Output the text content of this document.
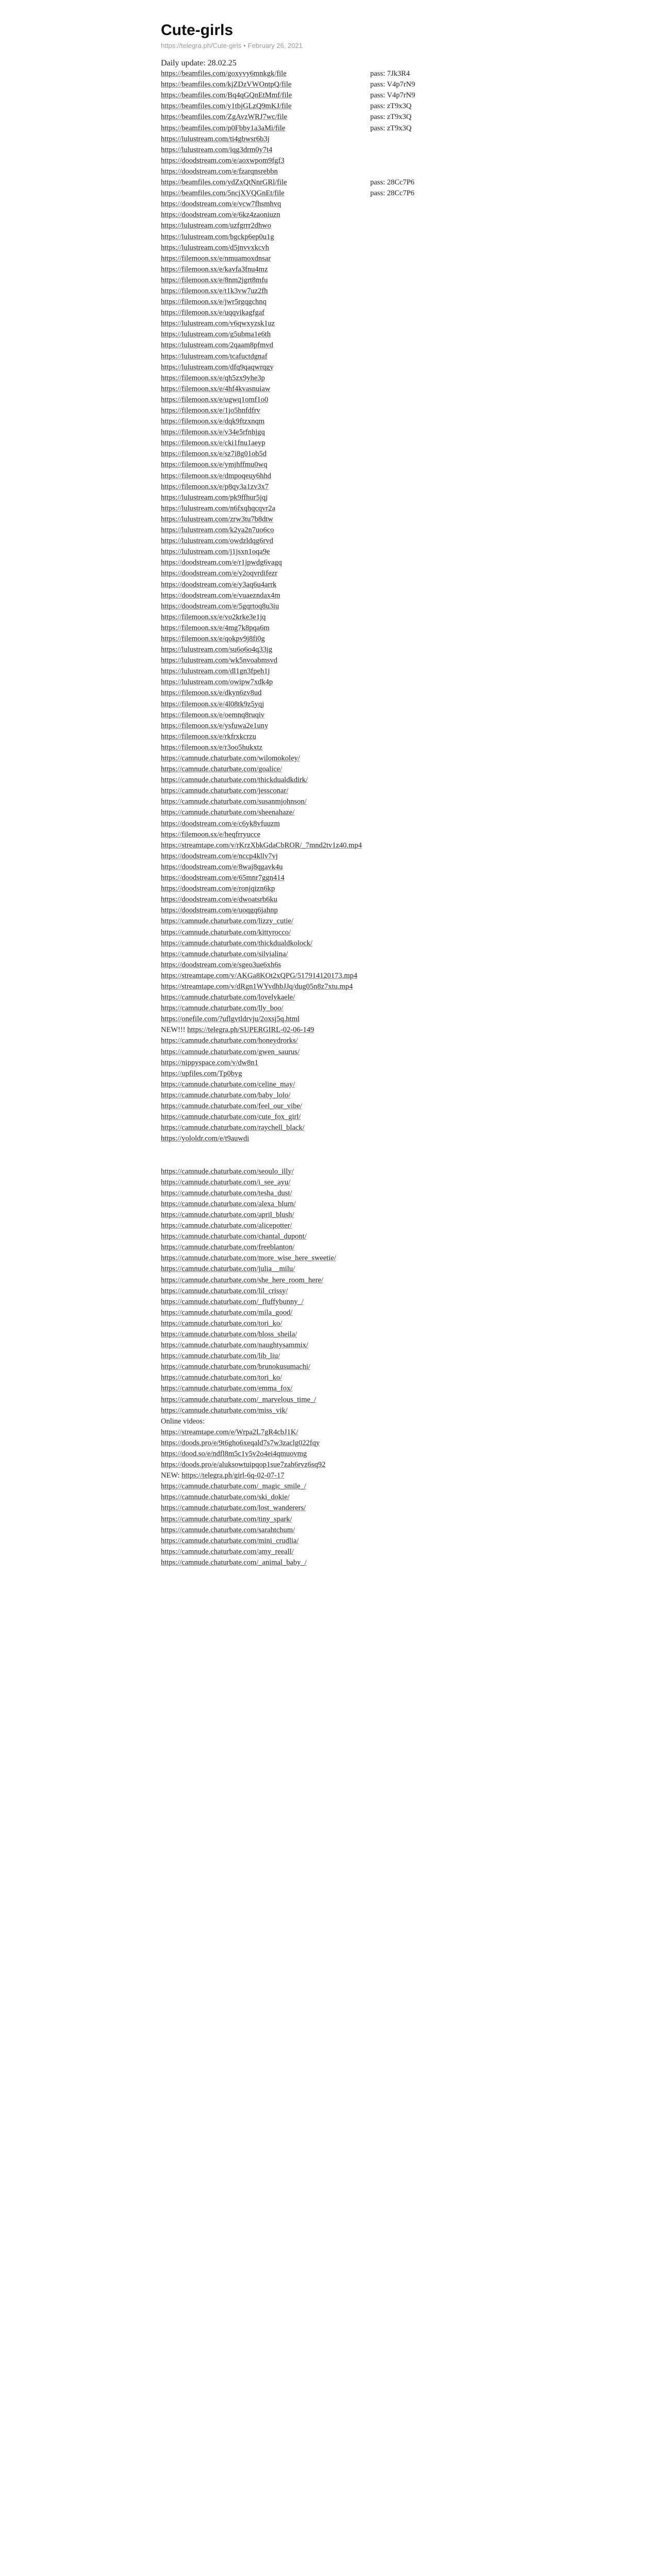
Cute-girls
https://telegra.ph/Cute-girls • February 26, 2021
Daily update: 28.02.25
https://beamfiles.com/goxyvy6mnkgk/file	pass: 7Jk3R4
https://beamfiles.com/kjZDzVWOntpQ/file	pass: V4p7rN9
https://beamfiles.com/Bq4qGQnEtMmf/file	pass: V4p7rN9
https://beamfiles.com/y1tbjGLzQ9mKJ/file	pass: zT9x3Q
https://beamfiles.com/ZgAvzWRJ7wc/file	pass: zT9x3Q
https://beamfiles.com/p0Fbby1a3aMi/file	pass: zT9x3Q
https://lulustream.com/ti4gbwsr6b3j
https://lulustream.com/iqg3drm0y7t4
https://doodstream.com/e/aoxwpom9fgf3
https://doodstream.com/e/fzarqnsrebbn
https://beamfiles.com/ydZxQtNnrGRl/file	pass: 28Cc7P6
https://beamfiles.com/5ncjXVQGnEt/file	pass: 28Cc7P6
https://doodstream.com/e/vcw7fhsmhvq
https://doodstream.com/e/6kz4zaoniuzn
https://lulustream.com/uzfgrrr2dhwo
https://lulustream.com/bgckp6ep0u1g
https://lulustream.com/d5jnvvxkcvh
https://filemoon.sx/e/nmuamoxdnsar
https://filemoon.sx/e/kavfa3fnu4mz
https://filemoon.sx/e/8nm2jgrt8mfu
https://filemoon.sx/e/t1k3vw7uz2fh
https://filemoon.sx/e/jwr5rgqgchnq
https://filemoon.sx/e/uqqvikagfgaf
https://lulustream.com/v6qwxyzsk1uz
https://lulustream.com/g5ubma1e6th
https://lulustream.com/2qaam8pfmvd
https://lulustream.com/tcafuctdgnaf
https://lulustream.com/dfq9qaqwrqgy
https://filemoon.sx/e/qh5zx9yhe3p
https://filemoon.sx/e/4hf4kvasnuiaw
https://filemoon.sx/e/ugwq1omf1o0
https://filemoon.sx/e/1jo5hnfdfrv
https://filemoon.sx/e/dqk9ftzxnqm
https://filemoon.sx/e/v34e5rfnhjgq
https://filemoon.sx/e/cki1fnu1aeyp
https://filemoon.sx/e/sz7i8g01ob5d
https://filemoon.sx/e/ymjhffmu0wq
https://filemoon.sx/e/dmpoqeuy6hhd
https://filemoon.sx/e/p8qy3a1zv3x7
https://lulustream.com/pk9ffhur5jqj
https://lulustream.com/n6fxqhqcqvr2a
https://lulustream.com/zrw3tu7b8dtw
https://lulustream.com/k2ya2n7uo6co
https://lulustream.com/owdzldqg6rvd
https://lulustream.com/j1jsxn1oqa9e
https://doodstream.com/e/r1jpwdg6vagq
https://doodstream.com/e/y2oqvrdifezr
https://doodstream.com/e/y3aq6u4arrk
https://doodstream.com/e/vuaezndax4m
https://doodstream.com/e/5gqrtoq8u3iu
https://filemoon.sx/e/vo2krke3e1jq
https://filemoon.sx/e/4mg7k8pqa6m
https://filemoon.sx/e/qokpv9j8fi0g
https://lulustream.com/su6o6o4q33jg
https://lulustream.com/wk5nvoabmsvd
https://lulustream.com/dl1gn3fpeh1j
https://lulustream.com/owipw7xdk4p
https://filemoon.sx/e/dkyn6zv8ud
https://filemoon.sx/e/4l08tk9z5yqj
https://filemoon.sx/e/oemnq8ruqiv
https://filemoon.sx/e/ysfuwa2e1uny
https://filemoon.sx/e/rkfrxkcrzu
https://filemoon.sx/e/r3oo5hukxtz
https://camnude.chaturbate.com/wilomokoley/
https://camnude.chaturbate.com/goalice/
https://camnude.chaturbate.com/thickdualdkdirk/
https://camnude.chaturbate.com/jessconar/
https://camnude.chaturbate.com/susanmjohnson/
https://camnude.chaturbate.com/sheenahaze/
https://doodstream.com/e/c6yk8vfuuzm
https://filemoon.sx/e/heqfrryucce
https://streamtape.com/v/rKrzXbkGdaCbROR/_7mnd2tv1z40.mp4
https://doodstream.com/e/nccp4kllv7vj
https://doodstream.com/e/8waj8qgavk4u
https://doodstream.com/e/65mnr7ggn414
https://doodstream.com/e/ronjqizn6kp
https://doodstream.com/e/dwoatsrb6ku
https://doodstream.com/e/uoqgq6jahnp
https://camnude.chaturbate.com/lizzy_cutie/
https://camnude.chaturbate.com/kittyrocco/
https://camnude.chaturbate.com/thickdualdkolock/
https://camnude.chaturbate.com/silvialina/
https://doodstream.com/e/sgeo3ue6xh6s
https://streamtape.com/v/AKGa8KOt2xQPG/517914120173.mp4
https://streamtape.com/v/dRgn1WYvdhbJJq/dug05n8z7xtu.mp4
https://camnude.chaturbate.com/lovelykaele/
https://camnude.chaturbate.com/lly_boo/
https://onefile.com/?uflgvtldrvju/2oxsj5q.html
NEW!!! https://telegra.ph/SUPERGIRL-02-06-149
https://camnude.chaturbate.com/honeydrorks/
https://camnude.chaturbate.com/gwen_saurus/
https://nippyspace.com/v/dw8n1
https://upfiles.com/Tp0byg
https://camnude.chaturbate.com/celine_may/
https://camnude.chaturbate.com/baby_lolo/
https://camnude.chaturbate.com/feel_our_vibe/
https://camnude.chaturbate.com/cute_fox_girl/
https://camnude.chaturbate.com/raychell_black/
https://yololdr.com/e/t9auwdi
https://camnude.chaturbate.com/seoulo_illy/
https://camnude.chaturbate.com/i_see_ayu/
https://camnude.chaturbate.com/tesha_dust/
https://camnude.chaturbate.com/alexa_blurn/
https://camnude.chaturbate.com/april_blush/
https://camnude.chaturbate.com/alicepotter/
https://camnude.chaturbate.com/chantal_dupont/
https://camnude.chaturbate.com/freeblanton/
https://camnude.chaturbate.com/more_wise_here_sweetie/
https://camnude.chaturbate.com/julia__milu/
https://camnude.chaturbate.com/she_here_room_here/
https://camnude.chaturbate.com/lil_crissy/
https://camnude.chaturbate.com/_fluffybunny_/
https://camnude.chaturbate.com/mila_good/
https://camnude.chaturbate.com/tori_ko/
https://camnude.chaturbate.com/bloss_sheila/
https://camnude.chaturbate.com/naughtysammix/
https://camnude.chaturbate.com/lib_liu/
https://camnude.chaturbate.com/brunokusumachi/
https://camnude.chaturbate.com/tori_ko/
https://camnude.chaturbate.com/emma_fox/
https://camnude.chaturbate.com/_marvelous_time_/
https://camnude.chaturbate.com/miss_vik/
Online videos:
https://streamtape.com/e/Wrpa2L7gR4cbJ1K/
https://doods.pro/e/9t6gho6xeqald7s7w3zaclg022fqy
https://dood.so/e/ndfl8m5c1v5v2o4ei4qmuovmg
https://doods.pro/e/aluksowtuipqop1sue7zah6rvz6sq92
NEW: https://telegra.ph/girl-6q-02-07-17
https://camnude.chaturbate.com/_magic_smile_/
https://camnude.chaturbate.com/ski_dokie/
https://camnude.chaturbate.com/lost_wanderers/
https://camnude.chaturbate.com/tiny_spark/
https://camnude.chaturbate.com/sarahtchum/
https://camnude.chaturbate.com/mini_crudlia/
https://camnude.chaturbate.com/amy_reeall/
https://camnude.chaturbate.com/_animal_baby_/
